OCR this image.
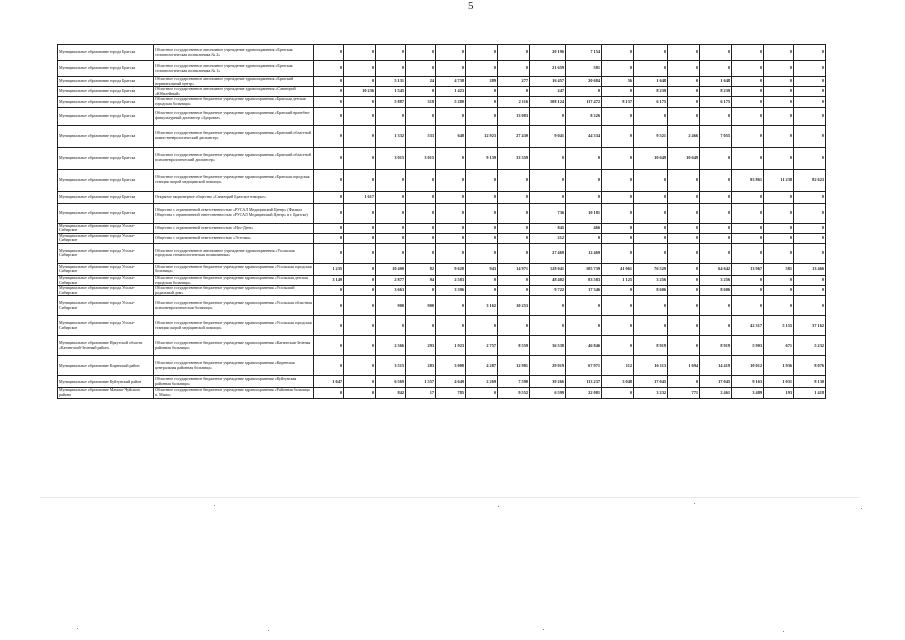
5
Муниципальное образование города Братска	Областное государственное автономное учреждение здравоохранения «Братская стоматологическая поликлиника № 2»	0	0	0	0	0	0	0	20 196	7 154	0	0	0	0	0	0	0
Муниципальное образование города Братска	Областное государственное автономное учреждение здравоохранения «Братская стоматологическая поликлиника № 1»	0	0	0	0	0	0	0	21 659	581	0	0	0	0	0	0	0
Муниципальное образование города Братска	Областное государственное автономное учреждение здравоохранения «Братский перинатальный центр»	0	0	5 131	24	4 738	289	277	16 457	20 684	56	1 648	0	1 648	0	0	0
Муниципальное образование города Братска	Областное государственное автономное учреждение здравоохранения «Санаторий «Юбилейный»	0	10 236	1 545	0	1 423	0	0	247	0	0	8 239	0	8 239	0	0	0
Муниципальное образование города Братска	Областное государственное бюджетное учреждение здравоохранения «Братская детская городская больница»	0	0	5 887	318	5 280	0	2 116	108 124	117 472	8 137	6 175	0	6 175	0	0	0
Муниципальное образование города Братска	Областное государственное бюджетное учреждение здравоохранения «Братский врачебно-физкультурный диспансер «Здоровье»	0	0	0	0	0	0	13 083	0	8 326	0	0	0	0	0	0	0
Муниципальное образование города Братска	Областное государственное бюджетное учреждение здравоохранения «Братский областной кожно-венерологический диспансер»	0	0	1 332	533	648	12 923	27 430	9 041	44 334	0	9 521	2 466	7 055	0	0	0
Муниципальное образование города Братска	Областное государственное бюджетное учреждение здравоохранения «Братский областной психоневрологический диспансер»	0	0	3 015	3 015	0	9 139	33 359	0	0	0	10 649	10 649	0	0	0	0
Муниципальное образование города Братска	Областное государственное бюджетное учреждение здравоохранения «Братская городская станция скорой медицинской помощи»	0	0	0	0	0	0	0	0	0	0	0	0	0	93 861	11 238	82 623
Муниципальное образование города Братска	Открытое акционерное общество «Санаторий Братское взморье»	0	1 617	0	0	0	0	0	0	0	0	0	0	0	0	0	0
Муниципальное образование города Братска	Общество с ограниченной ответственностью «РУСАЛ Медицинский Центр» (Филиал Общества с ограниченной ответственностью «РУСАЛ Медицинский Центр» в г. Братске)	0	0	0	0	0	0	0	736	10 181	0	0	0	0	0	0	0
Муниципальное образование города Усолье-Сибирское	Общество с ограниченной ответственностью «Нео-Дент»	0	0	0	0	0	0	0	845	466	0	0	0	0	0	0	0
Муниципальное образование города Усолье-Сибирское	Общество с ограниченной ответственностью «Эсттэма»	0	0	0	0	0	0	0	212	0	0	0	0	0	0	0	0
Муниципальное образование города Усолье-Сибирское	Областное государственное автономное учреждение здравоохранения «Усольская городская стоматологическая поликлиника»	0	0	0	0	0	0	0	27 469	12 469	0	0	0	0	0	0	0
Муниципальное образование города Усолье-Сибирское	Областное государственное бюджетное учреждение здравоохранения «Усольская городская больница»	1 235	0	10 400	82	9 628	943	14 971	128 041	105 739	41 061	76 529	0	64 642	13 967	581	13 466
Муниципальное образование города Усолье-Сибирское	Областное государственное бюджетное учреждение здравоохранения «Усольская детская городская больница»	3 149	0	2 877	94	2 583	0	0	48 402	83 583	1 125	3 256	0	3 256	0	0	0
Муниципальное образование города Усолье-Сибирское	Областное государственное бюджетное учреждение здравоохранения «Усольский родильный дом»	0	0	3 663	0	3 396	0	0	9 722	17 346	0	8 606	0	8 606	0	0	0
Муниципальное образование города Усолье-Сибирское	Областное государственное бюджетное учреждение здравоохранения «Усольская областная психоневрологическая больница»	0	0	900	900	0	3 162	10 253	0	0	0	0	0	0	0	0	0
Муниципальное образование города Усолье-Сибирское	Областное государственное бюджетное учреждение здравоохранения «Усольская городская станция скорой медицинской помощи»	0	0	0	0	0	0	0	0	0	0	0	0	0	42 317	5 155	37 162
Муниципальное образование Иркутской области «Катангский-Зеленый район»	Областное государственное бюджетное учреждение здравоохранения «Катангская-Зеленая районная больница»	0	0	2 366	293	1 923	2 757	8 559	36 538	46 846	0	8 919	0	8 919	5 903	671	5 232
Муниципальное образование Киренский район	Областное государственное бюджетное учреждение здравоохранения «Киренская центральная районная больница»	0	0	3 515	283	3 008	4 287	12 981	29 919	67 971	112	16 113	1 694	14 419	10 012	1 936	8 076
Муниципальное образование Куйтунский район	Областное государственное бюджетное учреждение здравоохранения «Куйтунская районная больница»	1 647	0	6 569	1 557	4 649	2 269	7 590	39 266	113 237	3 048	17 045	0	17 045	9 163	1 031	8 130
Муниципальное образование Мамско-Чуйского района	Областное государственное бюджетное учреждение здравоохранения «Районная больница п. Мама»	0	0	842	17	785	0	9 552	6 599	22 081	0	3 232	771	2 461	3 489	193	1 418
